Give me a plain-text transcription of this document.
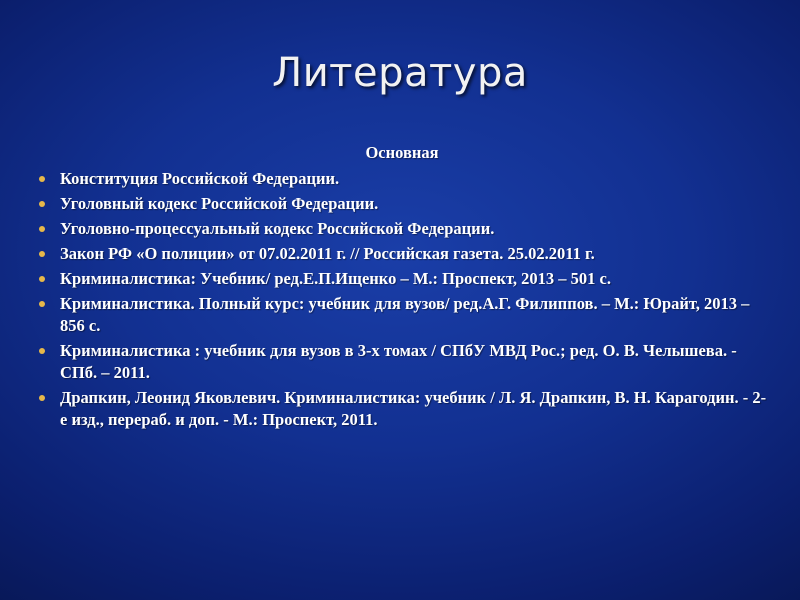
Литература
Основная
Конституция Российской Федерации.
Уголовный кодекс Российской Федерации.
Уголовно-процессуальный кодекс Российской Федерации.
Закон РФ «О полиции» от 07.02.2011 г. // Российская газета. 25.02.2011 г.
Криминалистика: Учебник/ ред.Е.П.Ищенко – М.: Проспект, 2013 – 501 с.
Криминалистика. Полный курс: учебник для вузов/ ред.А.Г. Филиппов. – М.: Юрайт, 2013 – 856 с.
Криминалистика : учебник для вузов в 3-х томах / СПбУ МВД Рос.; ред. О. В. Челышева. - СПб. – 2011.
Драпкин, Леонид Яковлевич. Криминалистика: учебник / Л. Я. Драпкин, В. Н. Карагодин. - 2-е изд., перераб. и доп. - М.: Проспект, 2011.
